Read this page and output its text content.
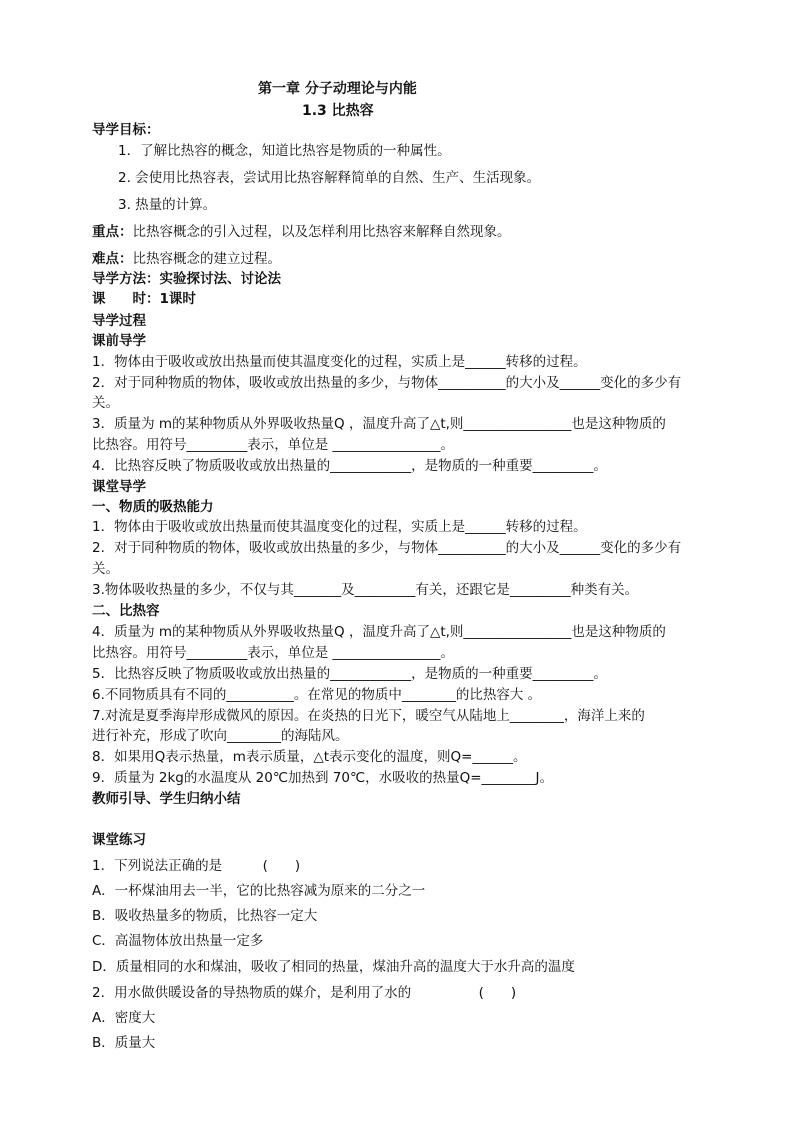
第一章 分子动理论与内能
1.3 比热容
导学目标：
1．了解比热容的概念，知道比热容是物质的一种属性。
2. 会使用比热容表，尝试用比热容解释简单的自然、生产、生活现象。
3. 热量的计算。
重点：比热容概念的引入过程，以及怎样利用比热容来解释自然现象。
难点：比热容概念的建立过程。
导学方法：实验探讨法、讨论法
课　　时：1课时
导学过程
课前导学
1．物体由于吸收或放出热量而使其温度变化的过程，实质上是______转移的过程。
2．对于同种物质的物体，吸收或放出热量的多少，与物体__________的大小及______变化的多少有
关。
3．质量为 m的某种物质从外界吸收热量Q ，温度升高了△t,则________________也是这种物质的
比热容。用符号_________表示，单位是 ________________。
4．比热容反映了物质吸收或放出热量的____________，是物质的一种重要_________。
课堂导学
一、物质的吸热能力
1．物体由于吸收或放出热量而使其温度变化的过程，实质上是______转移的过程。
2．对于同种物质的物体，吸收或放出热量的多少，与物体__________的大小及______变化的多少有
关。
3.物体吸收热量的多少，不仅与其_______及_________有关，还跟它是_________种类有关。
二、比热容
4．质量为 m的某种物质从外界吸收热量Q ，温度升高了△t,则________________也是这种物质的
比热容。用符号_________表示，单位是 ________________。
5．比热容反映了物质吸收或放出热量的____________，是物质的一种重要_________。
6.不同物质具有不同的__________。在常见的物质中________的比热容大 。
7.对流是夏季海岸形成微风的原因。在炎热的日光下，暖空气从陆地上________，海洋上来的
进行补充，形成了吹向________的海陆风。
8．如果用Q表示热量，m表示质量，△t表示变化的温度，则Q=______。
9．质量为 2kg的水温度从 20℃加热到 70℃，水吸收的热量Q=________J。
教师引导、学生归纳小结
课堂练习
1．下列说法正确的是　　　(　　)
A．一杯煤油用去一半，它的比热容减为原来的二分之一
B．吸收热量多的物质，比热容一定大
C．高温物体放出热量一定多
D．质量相同的水和煤油，吸收了相同的热量，煤油升高的温度大于水升高的温度
2．用水做供暖设备的导热物质的媒介，是利用了水的　　　　　(　　)
A．密度大
B．质量大
